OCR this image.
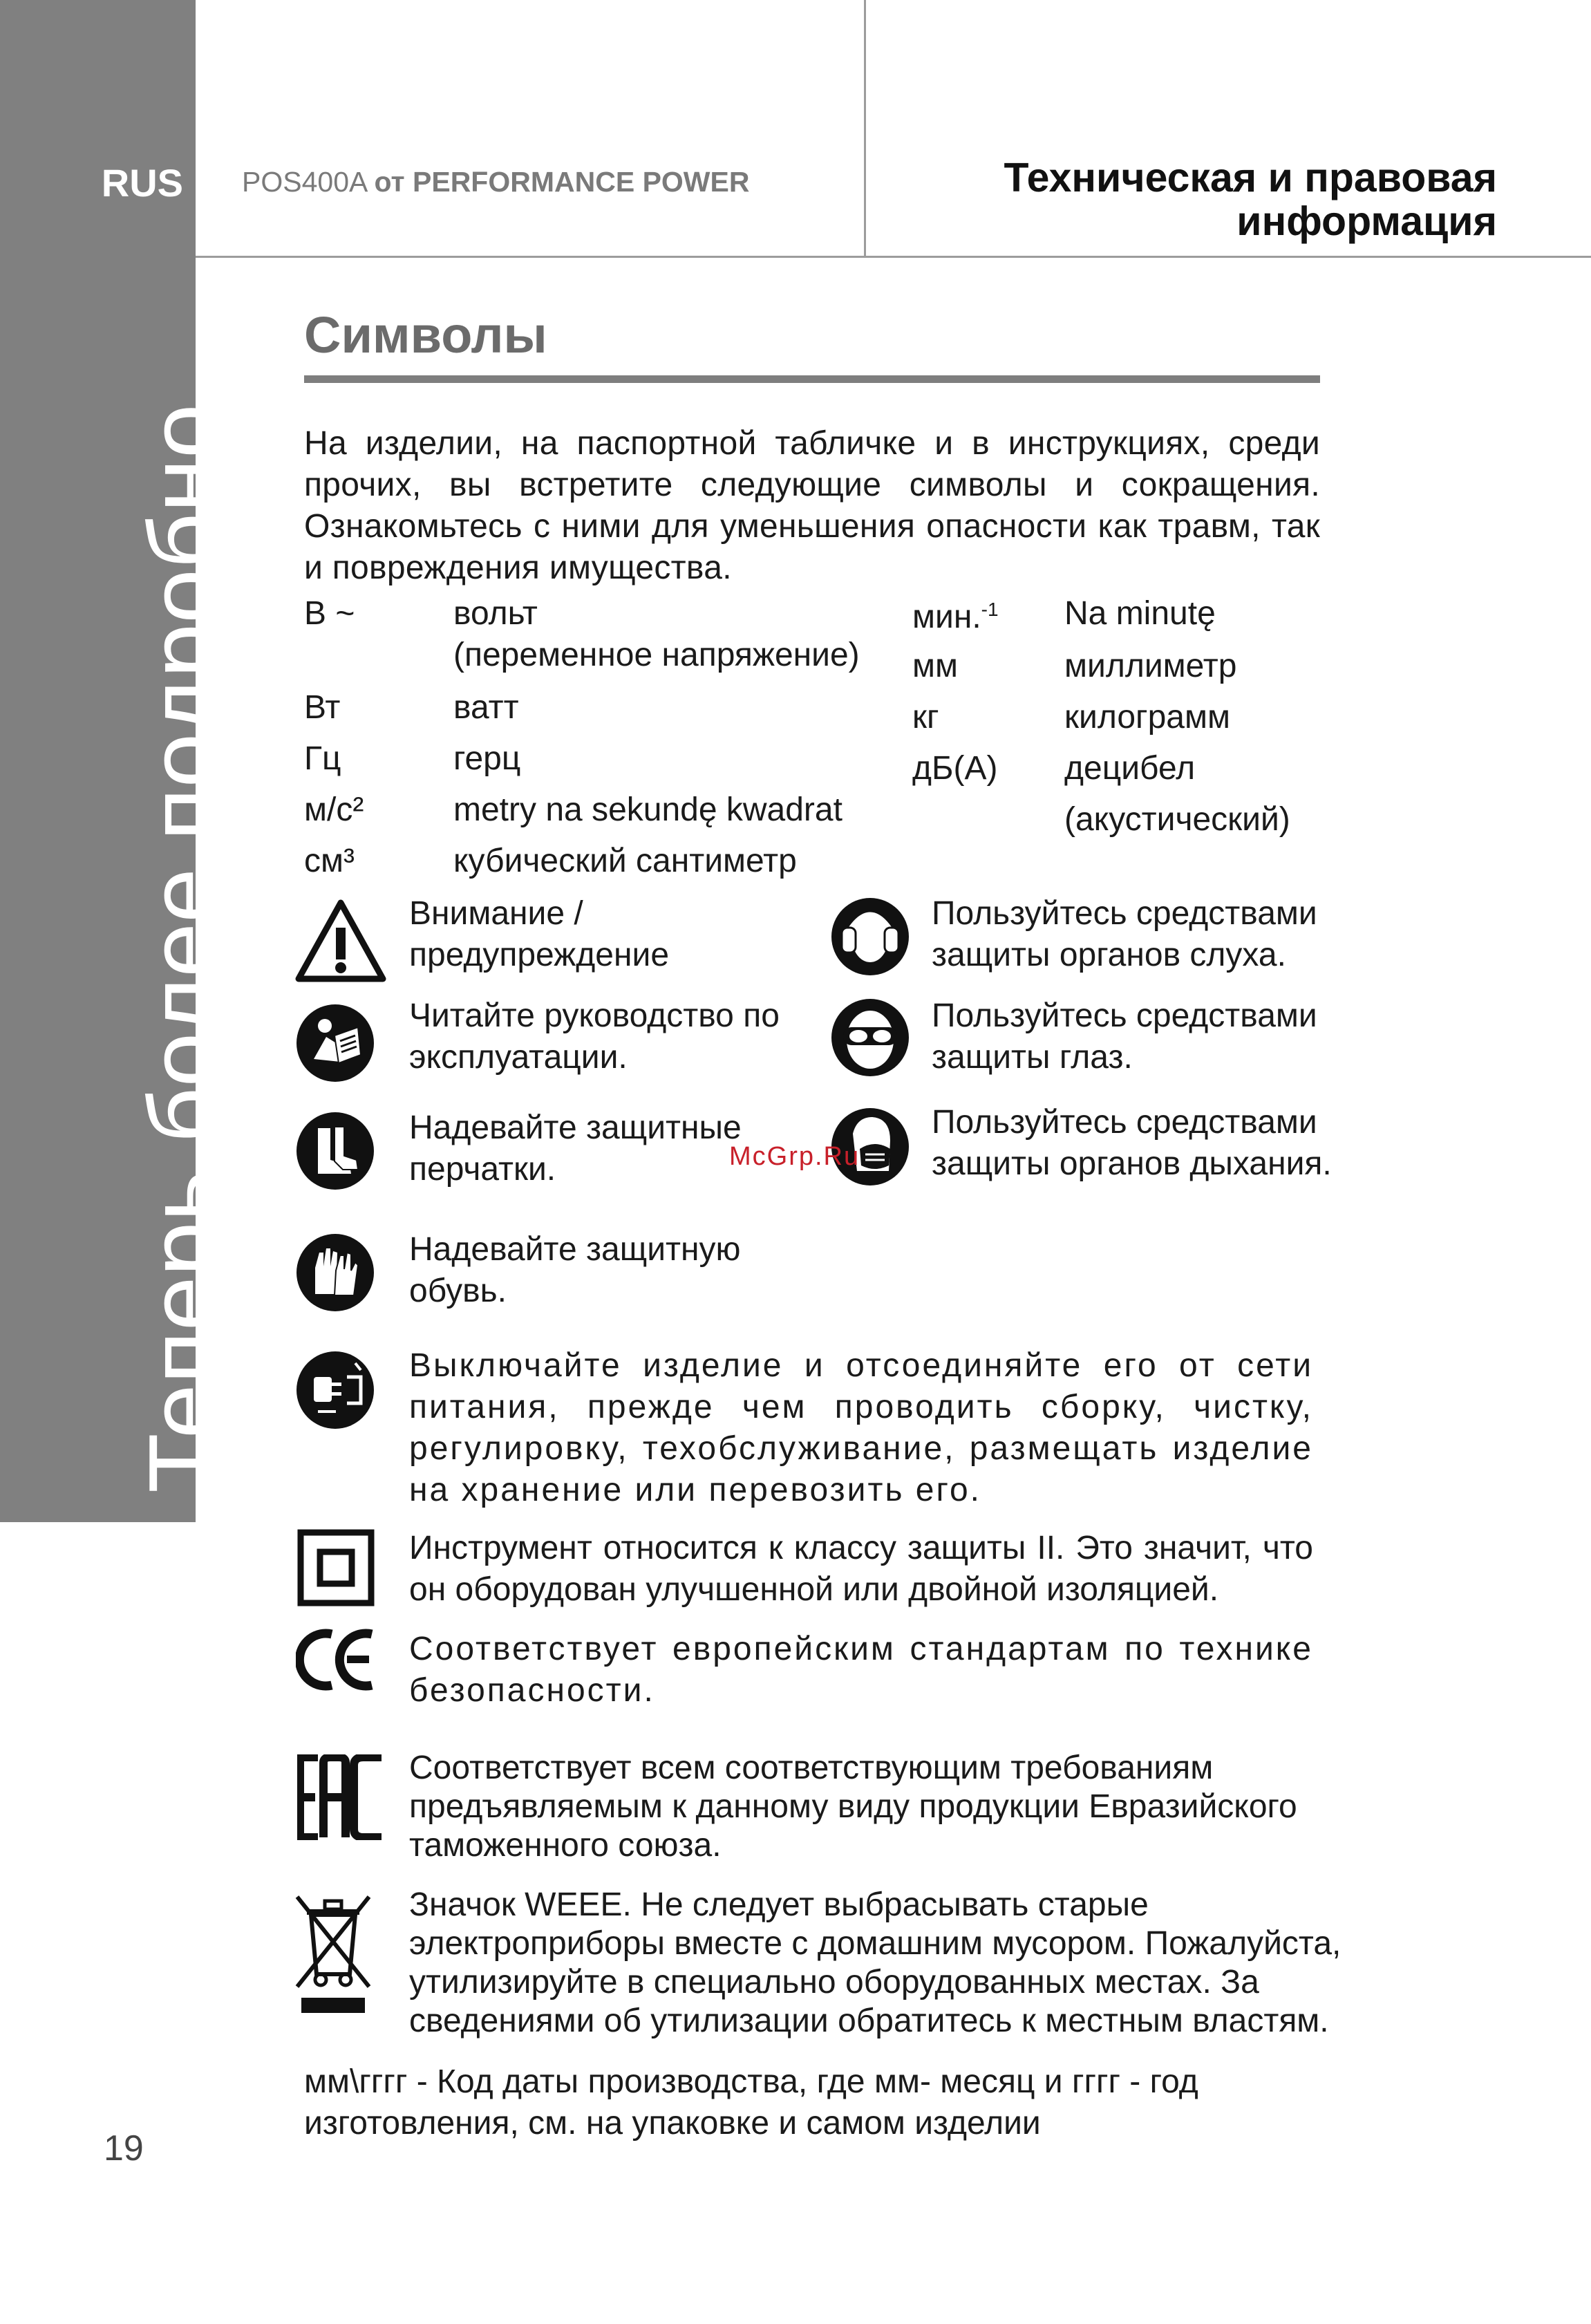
RUS
Теперь более подробно...
19
POS400A от PERFORMANCE POWER	Техническая и правовая
информация
Символы
На изделии, на паспортной табличке и в инструкциях, среди прочих, вы встретите следующие символы и сокращения. Ознакомьтесь с ними для уменьшения опасности как травм, так и повреждения имущества.
В ~	вольт
(переменное напряжение)
Вт	ватт
Гц	герц
м/с²	metry na sekundę kwadrat
см³	кубический сантиметр
мин.$^{-1}$ Na minutę
мм	миллиметр
кг	килограмм
дБ(А) децибел
(акустический)
Внимание /
предупреждение
Читайте руководство по
эксплуатации.
Надевайте защитные
перчатки.
Надевайте защитную
обувь.
Пользуйтесь средствами
защиты органов слуха.
Пользуйтесь средствами
защиты глаз.
Пользуйтесь средствами
защиты органов дыхания.
McGrp.Ru
Выключайте изделие и отсоединяйте его от сети питания, прежде чем проводить сборку, чистку, регулировку, техобслуживание, размещать изделие на хранение или перевозить его.
Инструмент относится к классу защиты II. Это значит, что он оборудован улучшенной или двойной изоляцией.
Соответствует европейским стандартам по технике безопасности.
Соответствует всем соответствующим требованиям
предъявляемым к данному виду продукции Евразийского
таможенного союза.
Значок WEEE. Не следует выбрасывать старые
электроприборы вместе с домашним мусором. Пожалуйста,
утилизируйте в специально оборудованных местах. За
сведениями об утилизации обратитесь к местным властям.
мм\гггг - Код даты производства, где мм- месяц и гггг - год
изготовления, см. на упаковке и самом изделии
